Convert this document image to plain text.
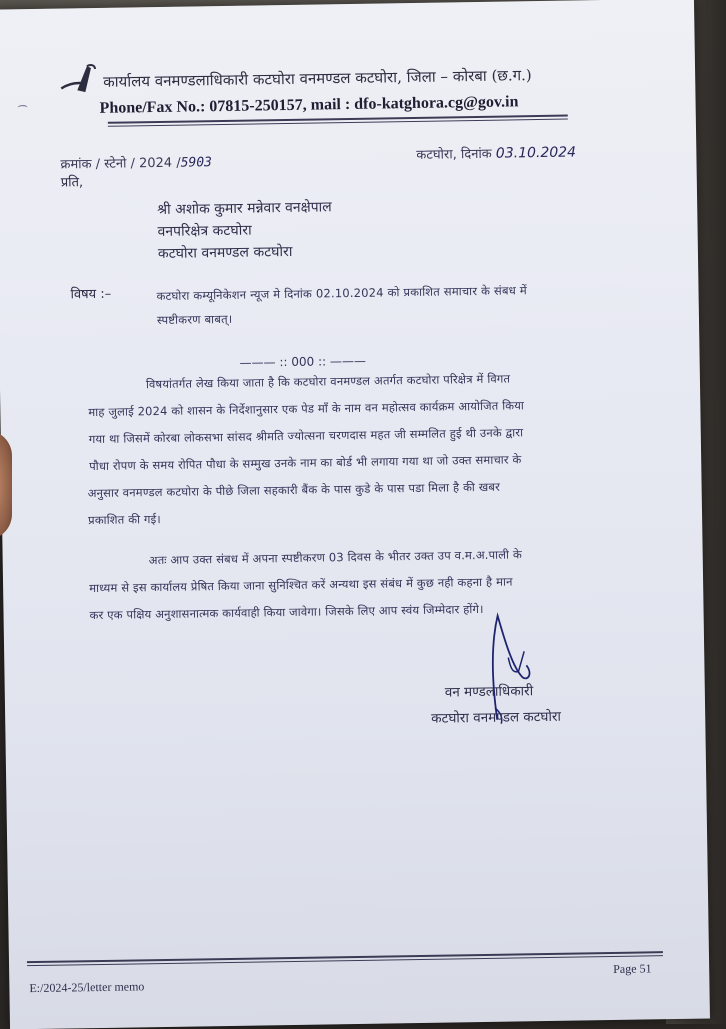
कार्यालय वनमण्डलाधिकारी कटघोरा वनमण्डल कटघोरा, जिला – कोरबा (छ.ग.)
Phone/Fax No.: 07815-250157, mail : dfo-katghora.cg@gov.in
क्रमांक / स्टेनो / 2024 /5903	कटघोरा, दिनांक 03.10.2024
प्रति,
श्री अशोक कुमार मन्नेवार वनक्षेपाल
वनपरिक्षेत्र कटघोरा
कटघोरा वनमण्डल कटघोरा
विषय :–	कटघोरा कम्यूनिकेशन न्यूज मे दिनांक 02.10.2024 को प्रकाशित समाचार के संबध में
स्पष्टीकरण बाबत्।
——— :: 000 :: ———
विषयांतर्गत लेख किया जाता है कि कटघोरा वनमण्डल अतर्गत कटघोरा परिक्षेत्र में विगत
माह जुलाई 2024 को शासन के निर्देशानुसार एक पेड माँ के नाम वन महोत्सव कार्यक्रम आयोजित किया
गया था जिसमें कोरबा लोकसभा सांसद श्रीमति ज्योत्सना चरणदास महत जी सम्मलित हुई थी उनके द्वारा
पौधा रोपण के समय रोपित पौधा के सम्मुख उनके नाम का बोर्ड भी लगाया गया था जो उक्त समाचार के
अनुसार वनमण्डल कटघोरा के पीछे जिला सहकारी बैंक के पास कुडे के पास पडा मिला है की खबर
प्रकाशित की गई।
अतः आप उक्त संबध में अपना स्पष्टीकरण 03 दिवस के भीतर उक्त उप व.म.अ.पाली के
माध्यम से इस कार्यालय प्रेषित किया जाना सुनिश्चित करें अन्यथा इस संबंध में कुछ नही कहना है मान
कर एक पक्षिय अनुशासनात्मक कार्यवाही किया जावेगा। जिसके लिए आप स्वंय जिम्मेदार होंगे।
वन मण्डलाधिकारी
कटघोरा वनमण्डल कटघोरा
E:/2024-25/letter memo
Page 51
